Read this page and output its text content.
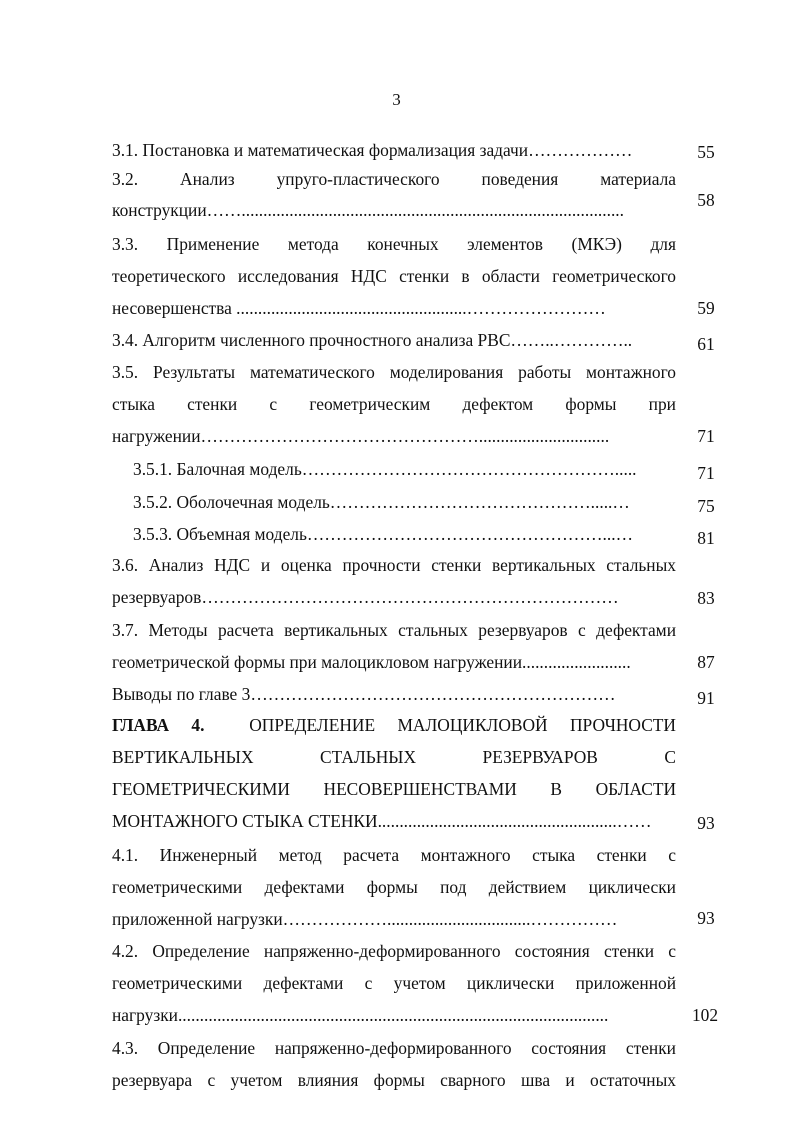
3
3.1. Постановка и математическая формализация задачи………………	55
3.2. Анализ упруго-пластического поведения материала
конструкции……........................................................................................	58
3.3. Применение метода конечных элементов (МКЭ) для
теоретического исследования НДС стенки в области геометрического
несовершенства .....................................................……………………	59
3.4. Алгоритм численного прочностного анализа РВС……..…………..	61
3.5. Результаты математического моделирования работы монтажного
стыка стенки с геометрическим дефектом формы при
нагружении…………………………………………..............................	71
3.5.1. Балочная модель……………………………………………….....	71
3.5.2. Оболочечная модель……………………………………….....…	75
3.5.3. Объемная модель……………………………………………...…	81
3.6. Анализ НДС и оценка прочности стенки вертикальных стальных
резервуаров………………………………………………………………	83
3.7. Методы расчета вертикальных стальных резервуаров с дефектами
геометрической формы при малоцикловом нагружении.........................	87
Выводы по главе 3………………………………………………………	91
ГЛАВА 4.	ОПРЕДЕЛЕНИЕ МАЛОЦИКЛОВОЙ ПРОЧНОСТИ
ВЕРТИКАЛЬНЫХ СТАЛЬНЫХ РЕЗЕРВУАРОВ С
ГЕОМЕТРИЧЕСКИМИ НЕСОВЕРШЕНСТВАМИ В ОБЛАСТИ
МОНТАЖНОГО СТЫКА СТЕНКИ.......................................................……	93
4.1. Инженерный метод расчета монтажного стыка стенки с
геометрическими дефектами формы под действием циклически
приложенной нагрузки……………….................................……………	93
4.2. Определение напряженно-деформированного состояния стенки с
геометрическими дефектами с учетом циклически приложенной
нагрузки...................................................................................................	102
4.3. Определение напряженно-деформированного состояния стенки
резервуара с учетом влияния формы сварного шва и остаточных
